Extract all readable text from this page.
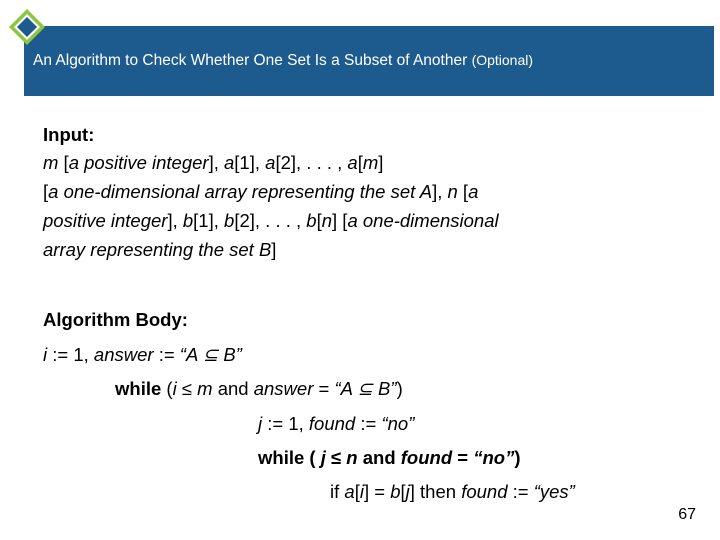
An Algorithm to Check Whether One Set Is a Subset of Another (Optional)
Input:
m [a positive integer], a[1], a[2], . . . , a[m]
[a one-dimensional array representing the set A], n [a
positive integer], b[1], b[2], . . . , b[n] [a one-dimensional
array representing the set B]
Algorithm Body:
i := 1, answer := “A ⊆ B”
while (i ≤ m and answer = “A ⊆ B”)
j := 1, found := “no”
while ( j ≤ n and found = “no”)
if a[i] = b[j] then found := “yes”
67
